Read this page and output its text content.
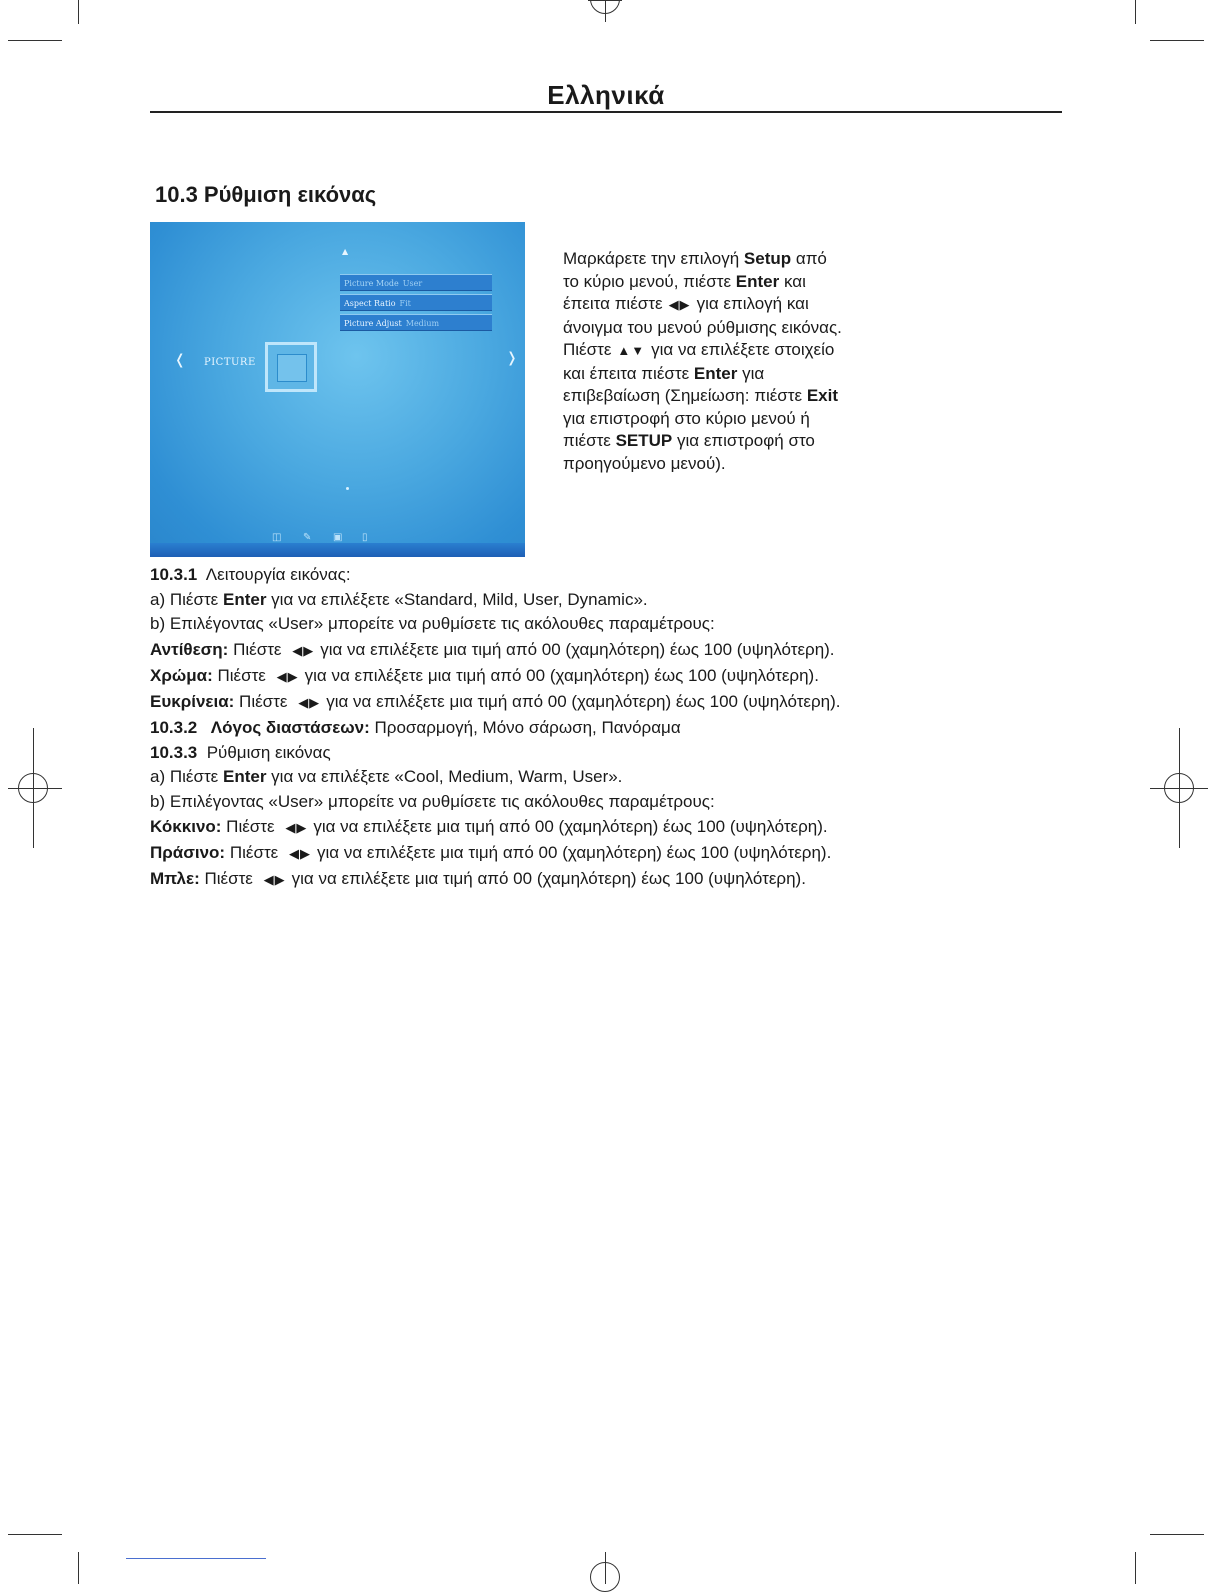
Ελληνικά
10.3 Ρύθμιση εικόνας
▲
Picture Mode User
Aspect Ratio Fit
Picture Adjust Medium
❬ PICTURE	❭
◫ ✎ ▣ ▯
Μαρκάρετε την επιλογή Setup από
το κύριο μενού, πιέστε Enter και
έπειτα πιέστε ◀▶ για επιλογή και
άνοιγμα του μενού ρύθμισης εικόνας.
Πιέστε ▲▼ για να επιλέξετε στοιχείο
και έπειτα πιέστε Enter για
επιβεβαίωση (Σημείωση: πιέστε Exit
για επιστροφή στο κύριο μενού ή
πιέστε SETUP για επιστροφή στο
προηγούμενο μενού).
10.3.1  Λειτουργία εικόνας:
a) Πιέστε Enter για να επιλέξετε «Standard, Mild, User, Dynamic».
b) Επιλέγοντας «User» μπορείτε να ρυθμίσετε τις ακόλουθες παραμέτρους:
Αντίθεση: Πιέστε ◀▶ για να επιλέξετε μια τιμή από 00 (χαμηλότερη) έως 100 (υψηλότερη).
Χρώμα: Πιέστε ◀▶ για να επιλέξετε μια τιμή από 00 (χαμηλότερη) έως 100 (υψηλότερη).
Ευκρίνεια: Πιέστε ◀▶ για να επιλέξετε μια τιμή από 00 (χαμηλότερη) έως 100 (υψηλότερη).
10.3.2   Λόγος διαστάσεων: Προσαρμογή, Μόνο σάρωση, Πανόραμα
10.3.3  Ρύθμιση εικόνας
a) Πιέστε Enter για να επιλέξετε «Cool, Medium, Warm, User».
b) Επιλέγοντας «User» μπορείτε να ρυθμίσετε τις ακόλουθες παραμέτρους:
Κόκκινο: Πιέστε ◀▶ για να επιλέξετε μια τιμή από 00 (χαμηλότερη) έως 100 (υψηλότερη).
Πράσινο: Πιέστε ◀▶ για να επιλέξετε μια τιμή από 00 (χαμηλότερη) έως 100 (υψηλότερη).
Μπλε: Πιέστε ◀▶ για να επιλέξετε μια τιμή από 00 (χαμηλότερη) έως 100 (υψηλότερη).
